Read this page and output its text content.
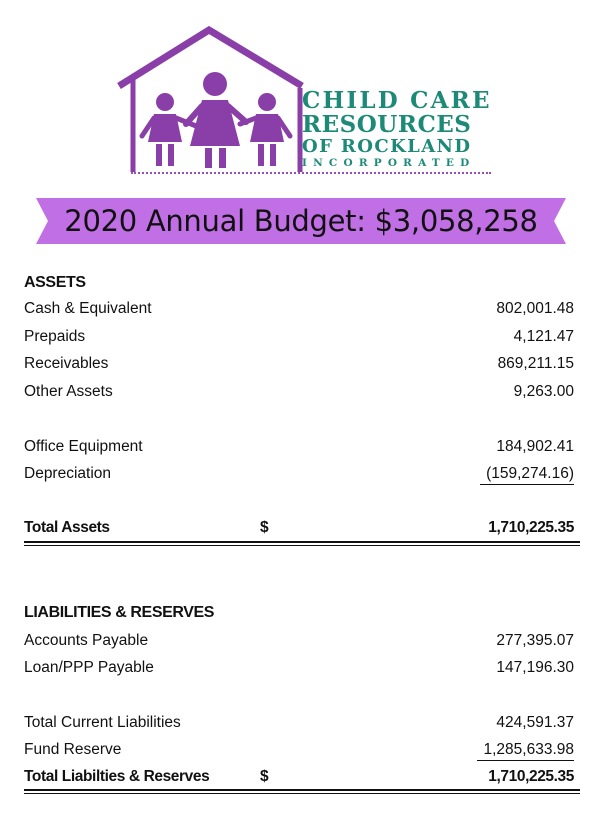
CHILD CARE
RESOURCES
OF ROCKLAND
INCORPORATED
2020 Annual Budget: $3,058,258
ASSETS
Cash & Equivalent	802,001.48
Prepaids	4,121.47
Receivables	869,211.15
Other Assets	9,263.00
Office Equipment	184,902.41
Depreciation	(159,274.16)
Total Assets	$	1,710,225.35
LIABILITIES & RESERVES
Accounts Payable	277,395.07
Loan/PPP Payable	147,196.30
Total Current Liabilities	424,591.37
Fund Reserve	1,285,633.98
Total Liabilties & Reserves	$	1,710,225.35
